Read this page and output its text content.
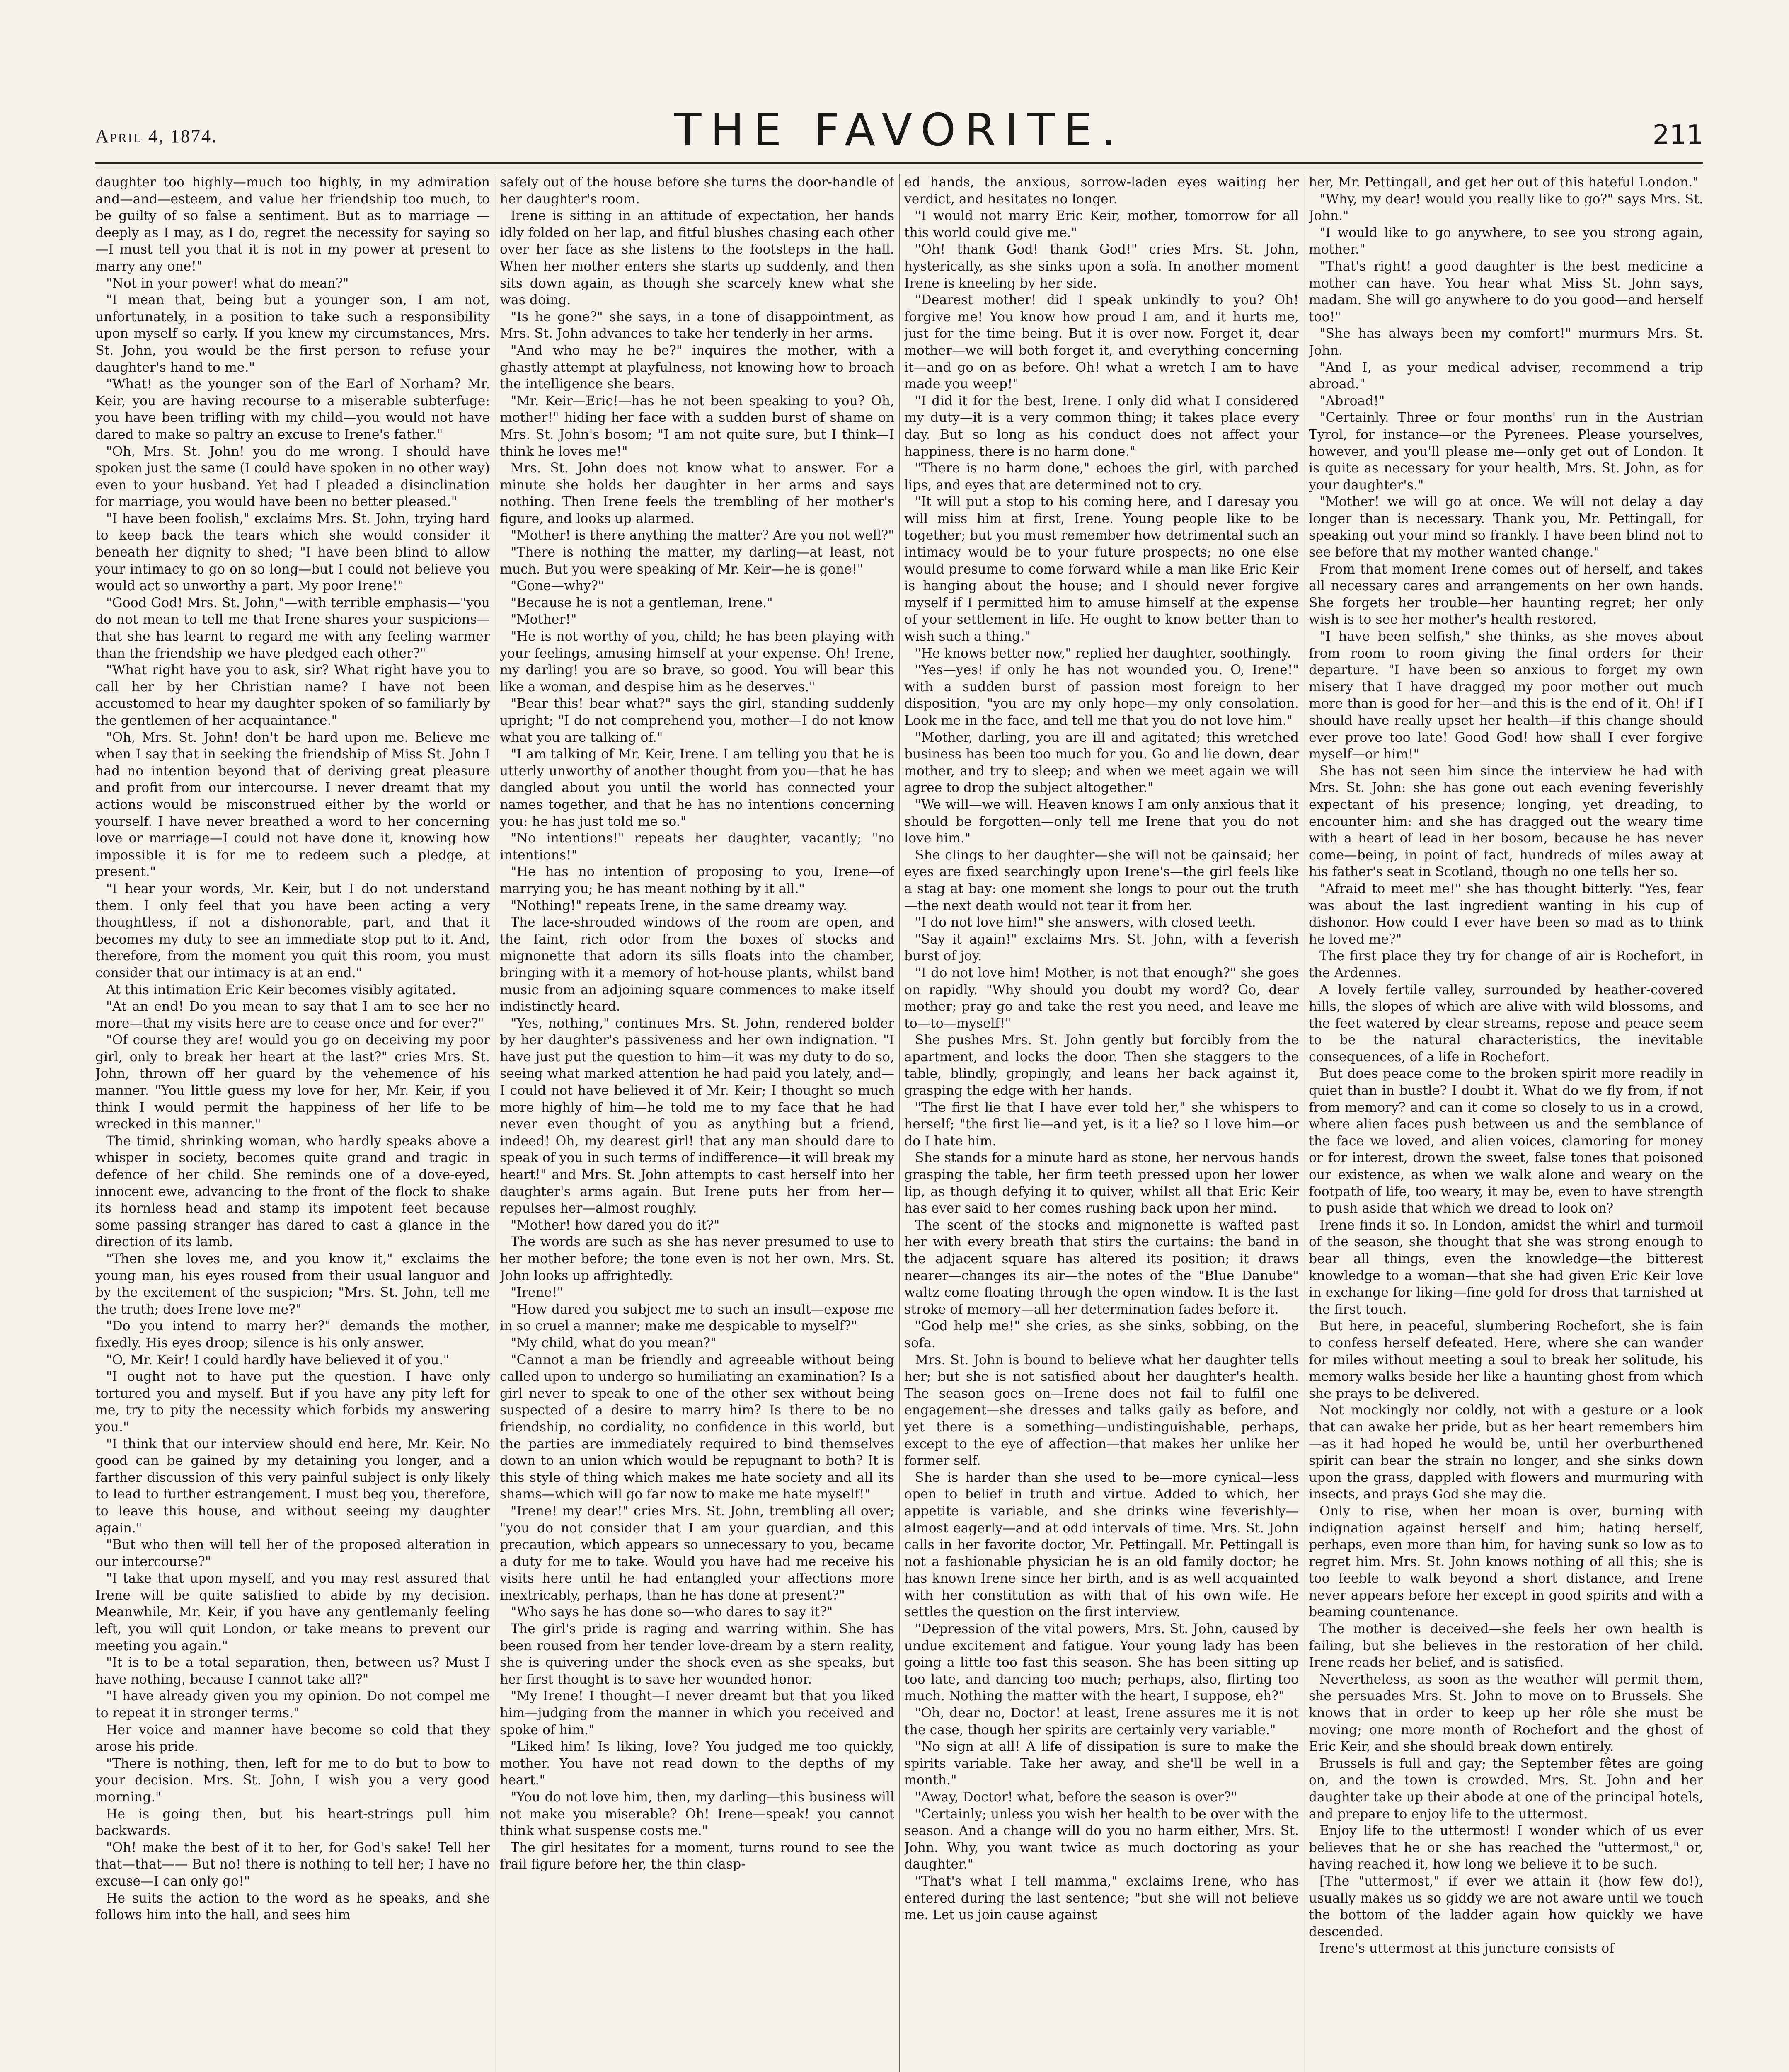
April 4, 1874.	THE FAVORITE.	211

daughter too highly—much too highly, in my admiration and—and—esteem, and value her friendship too much, to be guilty of so false a sentiment. But as to marriage — deeply as I may, as I do, regret the necessity for saying so—I must tell you that it is not in my power at present to marry any one!"

"Not in your power! what do mean?"

"I mean that, being but a younger son, I am not, unfortunately, in a position to take such a responsibility upon myself so early. If you knew my circumstances, Mrs. St. John, you would be the first person to refuse your daughter's hand to me."

"What! as the younger son of the Earl of Norham? Mr. Keir, you are having recourse to a miserable subterfuge: you have been trifling with my child—you would not have dared to make so paltry an excuse to Irene's father."

"Oh, Mrs. St. John! you do me wrong. I should have spoken just the same (I could have spoken in no other way) even to your husband. Yet had I pleaded a disinclination for marriage, you would have been no better pleased."

"I have been foolish," exclaims Mrs. St. John, trying hard to keep back the tears which she would consider it beneath her dignity to shed; "I have been blind to allow your intimacy to go on so long—but I could not believe you would act so unworthy a part. My poor Irene!"

"Good God! Mrs. St. John,"—with terrible emphasis—"you do not mean to tell me that Irene shares your suspicions—that she has learnt to regard me with any feeling warmer than the friendship we have pledged each other?"

"What right have you to ask, sir? What right have you to call her by her Christian name? I have not been accustomed to hear my daughter spoken of so familiarly by the gentlemen of her acquaintance."

"Oh, Mrs. St. John! don't be hard upon me. Believe me when I say that in seeking the friendship of Miss St. John I had no intention beyond that of deriving great pleasure and profit from our intercourse. I never dreamt that my actions would be misconstrued either by the world or yourself. I have never breathed a word to her concerning love or marriage—I could not have done it, knowing how impossible it is for me to redeem such a pledge, at present."

"I hear your words, Mr. Keir, but I do not understand them. I only feel that you have been acting a very thoughtless, if not a dishonorable, part, and that it becomes my duty to see an immediate stop put to it. And, therefore, from the moment you quit this room, you must consider that our intimacy is at an end."

At this intimation Eric Keir becomes visibly agitated.

"At an end! Do you mean to say that I am to see her no more—that my visits here are to cease once and for ever?"

"Of course they are! would you go on deceiving my poor girl, only to break her heart at the last?" cries Mrs. St. John, thrown off her guard by the vehemence of his manner. "You little guess my love for her, Mr. Keir, if you think I would permit the happiness of her life to be wrecked in this manner."

The timid, shrinking woman, who hardly speaks above a whisper in society, becomes quite grand and tragic in defence of her child. She reminds one of a dove-eyed, innocent ewe, advancing to the front of the flock to shake its hornless head and stamp its impotent feet because some passing stranger has dared to cast a glance in the direction of its lamb.

"Then she loves me, and you know it," exclaims the young man, his eyes roused from their usual languor and by the excitement of the suspicion; "Mrs. St. John, tell me the truth; does Irene love me?"

"Do you intend to marry her?" demands the mother, fixedly. His eyes droop; silence is his only answer.

"O, Mr. Keir! I could hardly have believed it of you."

"I ought not to have put the question. I have only tortured you and myself. But if you have any pity left for me, try to pity the necessity which forbids my answering you."

"I think that our interview should end here, Mr. Keir. No good can be gained by my detaining you longer, and a farther discussion of this very painful subject is only likely to lead to further estrangement. I must beg you, therefore, to leave this house, and without seeing my daughter again."

"But who then will tell her of the proposed alteration in our intercourse?"

"I take that upon myself, and you may rest assured that Irene will be quite satisfied to abide by my decision. Meanwhile, Mr. Keir, if you have any gentlemanly feeling left, you will quit London, or take means to prevent our meeting you again."

"It is to be a total separation, then, between us? Must I have nothing, because I cannot take all?"

"I have already given you my opinion. Do not compel me to repeat it in stronger terms."

Her voice and manner have become so cold that they arose his pride.

"There is nothing, then, left for me to do but to bow to your decision. Mrs. St. John, I wish you a very good morning."

He is going then, but his heart-strings pull him backwards.

"Oh! make the best of it to her, for God's sake! Tell her that—that—— But no! there is nothing to tell her; I have no excuse—I can only go!"

He suits the action to the word as he speaks, and she follows him into the hall, and sees him

safely out of the house before she turns the door-handle of her daughter's room.

Irene is sitting in an attitude of expectation, her hands idly folded on her lap, and fitful blushes chasing each other over her face as she listens to the footsteps in the hall. When her mother enters she starts up suddenly, and then sits down again, as though she scarcely knew what she was doing.

"Is he gone?" she says, in a tone of disappointment, as Mrs. St. John advances to take her tenderly in her arms.

"And who may he be?" inquires the mother, with a ghastly attempt at playfulness, not knowing how to broach the intelligence she bears.

"Mr. Keir—Eric!—has he not been speaking to you? Oh, mother!" hiding her face with a sudden burst of shame on Mrs. St. John's bosom; "I am not quite sure, but I think—I think he loves me!"

Mrs. St. John does not know what to answer. For a minute she holds her daughter in her arms and says nothing. Then Irene feels the trembling of her mother's figure, and looks up alarmed.

"Mother! is there anything the matter? Are you not well?"

"There is nothing the matter, my darling—at least, not much. But you were speaking of Mr. Keir—he is gone!"

"Gone—why?"

"Because he is not a gentleman, Irene."

"Mother!"

"He is not worthy of you, child; he has been playing with your feelings, amusing himself at your expense. Oh! Irene, my darling! you are so brave, so good. You will bear this like a woman, and despise him as he deserves."

"Bear this! bear what?" says the girl, standing suddenly upright; "I do not comprehend you, mother—I do not know what you are talking of."

"I am talking of Mr. Keir, Irene. I am telling you that he is utterly unworthy of another thought from you—that he has dangled about you until the world has connected your names together, and that he has no intentions concerning you: he has just told me so."

"No intentions!" repeats her daughter, vacantly; "no intentions!"

"He has no intention of proposing to you, Irene—of marrying you; he has meant nothing by it all."

"Nothing!" repeats Irene, in the same dreamy way.

The lace-shrouded windows of the room are open, and the faint, rich odor from the boxes of stocks and mignonette that adorn its sills floats into the chamber, bringing with it a memory of hot-house plants, whilst band music from an adjoining square commences to make itself indistinctly heard.

"Yes, nothing," continues Mrs. St. John, rendered bolder by her daughter's passiveness and her own indignation. "I have just put the question to him—it was my duty to do so, seeing what marked attention he had paid you lately, and—I could not have believed it of Mr. Keir; I thought so much more highly of him—he told me to my face that he had never even thought of you as anything but a friend, indeed! Oh, my dearest girl! that any man should dare to speak of you in such terms of indifference—it will break my heart!" and Mrs. St. John attempts to cast herself into her daughter's arms again. But Irene puts her from her—repulses her—almost roughly.

"Mother! how dared you do it?"

The words are such as she has never presumed to use to her mother before; the tone even is not her own. Mrs. St. John looks up affrightedly.

"Irene!"

"How dared you subject me to such an insult—expose me in so cruel a manner; make me despicable to myself?"

"My child, what do you mean?"

"Cannot a man be friendly and agreeable without being called upon to undergo so humiliating an examination? Is a girl never to speak to one of the other sex without being suspected of a desire to marry him? Is there to be no friendship, no cordiality, no confidence in this world, but the parties are immediately required to bind themselves down to an union which would be repugnant to both? It is this style of thing which makes me hate society and all its shams—which will go far now to make me hate myself!"

"Irene! my dear!" cries Mrs. St. John, trembling all over; "you do not consider that I am your guardian, and this precaution, which appears so unnecessary to you, became a duty for me to take. Would you have had me receive his visits here until he had entangled your affections more inextricably, perhaps, than he has done at present?"

"Who says he has done so—who dares to say it?"

The girl's pride is raging and warring within. She has been roused from her tender love-dream by a stern reality, she is quivering under the shock even as she speaks, but her first thought is to save her wounded honor.

"My Irene! I thought—I never dreamt but that you liked him—judging from the manner in which you received and spoke of him."

"Liked him! Is liking, love? You judged me too quickly, mother. You have not read down to the depths of my heart."

"You do not love him, then, my darling—this business will not make you miserable? Oh! Irene—speak! you cannot think what suspense costs me."

The girl hesitates for a moment, turns round to see the frail figure before her, the thin clasp-

ed hands, the anxious, sorrow-laden eyes waiting her verdict, and hesitates no longer.

"I would not marry Eric Keir, mother, tomorrow for all this world could give me."

"Oh! thank God! thank God!" cries Mrs. St. John, hysterically, as she sinks upon a sofa. In another moment Irene is kneeling by her side.

"Dearest mother! did I speak unkindly to you? Oh! forgive me! You know how proud I am, and it hurts me, just for the time being. But it is over now. Forget it, dear mother—we will both forget it, and everything concerning it—and go on as before. Oh! what a wretch I am to have made you weep!"

"I did it for the best, Irene. I only did what I considered my duty—it is a very common thing; it takes place every day. But so long as his conduct does not affect your happiness, there is no harm done."

"There is no harm done," echoes the girl, with parched lips, and eyes that are determined not to cry.

"It will put a stop to his coming here, and I daresay you will miss him at first, Irene. Young people like to be together; but you must remember how detrimental such an intimacy would be to your future prospects; no one else would presume to come forward while a man like Eric Keir is hanging about the house; and I should never forgive myself if I permitted him to amuse himself at the expense of your settlement in life. He ought to know better than to wish such a thing."

"He knows better now," replied her daughter, soothingly.

"Yes—yes! if only he has not wounded you. O, Irene!" with a sudden burst of passion most foreign to her disposition, "you are my only hope—my only consolation. Look me in the face, and tell me that you do not love him."

"Mother, darling, you are ill and agitated; this wretched business has been too much for you. Go and lie down, dear mother, and try to sleep; and when we meet again we will agree to drop the subject altogether."

"We will—we will. Heaven knows I am only anxious that it should be forgotten—only tell me Irene that you do not love him."

She clings to her daughter—she will not be gainsaid; her eyes are fixed searchingly upon Irene's—the girl feels like a stag at bay: one moment she longs to pour out the truth—the next death would not tear it from her.

"I do not love him!" she answers, with closed teeth.

"Say it again!" exclaims Mrs. St. John, with a feverish burst of joy.

"I do not love him! Mother, is not that enough?" she goes on rapidly. "Why should you doubt my word? Go, dear mother; pray go and take the rest you need, and leave me to—to—myself!"

She pushes Mrs. St. John gently but forcibly from the apartment, and locks the door. Then she staggers to the table, blindly, gropingly, and leans her back against it, grasping the edge with her hands.

"The first lie that I have ever told her," she whispers to herself; "the first lie—and yet, is it a lie? so I love him—or do I hate him.

She stands for a minute hard as stone, her nervous hands grasping the table, her firm teeth pressed upon her lower lip, as though defying it to quiver, whilst all that Eric Keir has ever said to her comes rushing back upon her mind.

The scent of the stocks and mignonette is wafted past her with every breath that stirs the curtains: the band in the adjacent square has altered its position; it draws nearer—changes its air—the notes of the "Blue Danube" waltz come floating through the open window. It is the last stroke of memory—all her determination fades before it.

"God help me!" she cries, as she sinks, sobbing, on the sofa.

Mrs. St. John is bound to believe what her daughter tells her; but she is not satisfied about her daughter's health. The season goes on—Irene does not fail to fulfil one engagement—she dresses and talks gaily as before, and yet there is a something—undistinguishable, perhaps, except to the eye of affection—that makes her unlike her former self.

She is harder than she used to be—more cynical—less open to belief in truth and virtue. Added to which, her appetite is variable, and she drinks wine feverishly—almost eagerly—and at odd intervals of time. Mrs. St. John calls in her favorite doctor, Mr. Pettingall. Mr. Pettingall is not a fashionable physician he is an old family doctor; he has known Irene since her birth, and is as well acquainted with her constitution as with that of his own wife. He settles the question on the first interview.

"Depression of the vital powers, Mrs. St. John, caused by undue excitement and fatigue. Your young lady has been going a little too fast this season. She has been sitting up too late, and dancing too much; perhaps, also, flirting too much. Nothing the matter with the heart, I suppose, eh?"

"Oh, dear no, Doctor! at least, Irene assures me it is not the case, though her spirits are certainly very variable."

"No sign at all! A life of dissipation is sure to make the spirits variable. Take her away, and she'll be well in a month."

"Away, Doctor! what, before the season is over?"

"Certainly; unless you wish her health to be over with the season. And a change will do you no harm either, Mrs. St. John. Why, you want twice as much doctoring as your daughter."

"That's what I tell mamma," exclaims Irene, who has entered during the last sentence; "but she will not believe me. Let us join cause against

her, Mr. Pettingall, and get her out of this hateful London."

"Why, my dear! would you really like to go?" says Mrs. St. John."

"I would like to go anywhere, to see you strong again, mother."

"That's right! a good daughter is the best medicine a mother can have. You hear what Miss St. John says, madam. She will go anywhere to do you good—and herself too!"

"She has always been my comfort!" murmurs Mrs. St. John.

"And I, as your medical adviser, recommend a trip abroad."

"Abroad!"

"Certainly. Three or four months' run in the Austrian Tyrol, for instance—or the Pyrenees. Please yourselves, however, and you'll please me—only get out of London. It is quite as necessary for your health, Mrs. St. John, as for your daughter's."

"Mother! we will go at once. We will not delay a day longer than is necessary. Thank you, Mr. Pettingall, for speaking out your mind so frankly. I have been blind not to see before that my mother wanted change."

From that moment Irene comes out of herself, and takes all necessary cares and arrangements on her own hands. She forgets her trouble—her haunting regret; her only wish is to see her mother's health restored.

"I have been selfish," she thinks, as she moves about from room to room giving the final orders for their departure. "I have been so anxious to forget my own misery that I have dragged my poor mother out much more than is good for her—and this is the end of it. Oh! if I should have really upset her health—if this change should ever prove too late! Good God! how shall I ever forgive myself—or him!"

She has not seen him since the interview he had with Mrs. St. John: she has gone out each evening feverishly expectant of his presence; longing, yet dreading, to encounter him: and she has dragged out the weary time with a heart of lead in her bosom, because he has never come—being, in point of fact, hundreds of miles away at his father's seat in Scotland, though no one tells her so.

"Afraid to meet me!" she has thought bitterly. "Yes, fear was about the last ingredient wanting in his cup of dishonor. How could I ever have been so mad as to think he loved me?"

The first place they try for change of air is Rochefort, in the Ardennes.

A lovely fertile valley, surrounded by heather-covered hills, the slopes of which are alive with wild blossoms, and the feet watered by clear streams, repose and peace seem to be the natural characteristics, the inevitable consequences, of a life in Rochefort.

But does peace come to the broken spirit more readily in quiet than in bustle? I doubt it. What do we fly from, if not from memory? and can it come so closely to us in a crowd, where alien faces push between us and the semblance of the face we loved, and alien voices, clamoring for money or for interest, drown the sweet, false tones that poisoned our existence, as when we walk alone and weary on the footpath of life, too weary, it may be, even to have strength to push aside that which we dread to look on?

Irene finds it so. In London, amidst the whirl and turmoil of the season, she thought that she was strong enough to bear all things, even the knowledge—the bitterest knowledge to a woman—that she had given Eric Keir love in exchange for liking—fine gold for dross that tarnished at the first touch.

But here, in peaceful, slumbering Rochefort, she is fain to confess herself defeated. Here, where she can wander for miles without meeting a soul to break her solitude, his memory walks beside her like a haunting ghost from which she prays to be delivered.

Not mockingly nor coldly, not with a gesture or a look that can awake her pride, but as her heart remembers him—as it had hoped he would be, until her overburthened spirit can bear the strain no longer, and she sinks down upon the grass, dappled with flowers and murmuring with insects, and prays God she may die.

Only to rise, when her moan is over, burning with indignation against herself and him; hating herself, perhaps, even more than him, for having sunk so low as to regret him. Mrs. St. John knows nothing of all this; she is too feeble to walk beyond a short distance, and Irene never appears before her except in good spirits and with a beaming countenance.

The mother is deceived—she feels her own health is failing, but she believes in the restoration of her child. Irene reads her belief, and is satisfied.

Nevertheless, as soon as the weather will permit them, she persuades Mrs. St. John to move on to Brussels. She knows that in order to keep up her rôle she must be moving; one more month of Rochefort and the ghost of Eric Keir, and she should break down entirely.

Brussels is full and gay; the September fêtes are going on, and the town is crowded. Mrs. St. John and her daughter take up their abode at one of the principal hotels, and prepare to enjoy life to the uttermost.

Enjoy life to the uttermost! I wonder which of us ever believes that he or she has reached the "uttermost," or, having reached it, how long we believe it to be such.

[The "uttermost," if ever we attain it (how few do!), usually makes us so giddy we are not aware until we touch the bottom of the ladder again how quickly we have descended.

Irene's uttermost at this juncture consists of
